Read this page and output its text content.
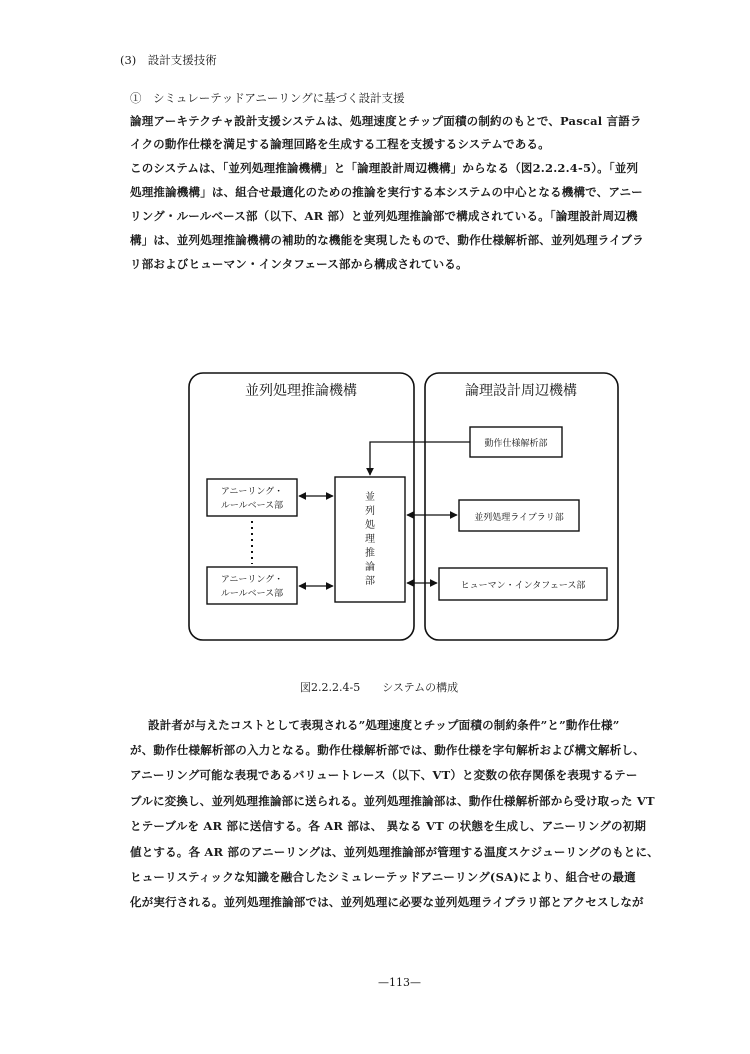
(3)　設計支援技術
①　シミュレーテッドアニーリングに基づく設計支援
論理アーキテクチャ設計支援システムは、処理速度とチップ面積の制約のもとで、Pascal 言語ラ
イクの動作仕様を満足する論理回路を生成する工程を支援するシステムである。
このシステムは、「並列処理推論機構」と「論理設計周辺機構」からなる（図2.2.2.4-5）。「並列
処理推論機構」は、組合せ最適化のための推論を実行する本システムの中心となる機構で、アニー
リング・ルールベース部（以下、AR 部）と並列処理推論部で構成されている。「論理設計周辺機
構」は、並列処理推論機構の補助的な機能を実現したもので、動作仕様解析部、並列処理ライブラ
リ部およびヒューマン・インタフェース部から構成されている。
並列処理推論機構	論理設計周辺機構
アニーリング・
ルールベース部
アニーリング・
ルールベース部
並
列
処
理
推
論
部
動作仕様解析部
並列処理ライブラリ部
ヒューマン・インタフェース部
図2.2.2.4-5　　システムの構成
設計者が与えたコストとして表現される”処理速度とチップ面積の制約条件”と”動作仕様”
が、動作仕様解析部の入力となる。動作仕様解析部では、動作仕様を字句解析および構文解析し、
アニーリング可能な表現であるバリュートレース（以下、VT）と変数の依存関係を表現するテー
ブルに変換し、並列処理推論部に送られる。並列処理推論部は、動作仕様解析部から受け取った VT
とテーブルを AR 部に送信する。各 AR 部は、 異なる VT の状態を生成し、アニーリングの初期
値とする。各 AR 部のアニーリングは、並列処理推論部が管理する温度スケジューリングのもとに、
ヒューリスティックな知識を融合したシミュレーテッドアニーリング(SA)により、組合せの最適
化が実行される。並列処理推論部では、並列処理に必要な並列処理ライブラリ部とアクセスしなが
—113—
